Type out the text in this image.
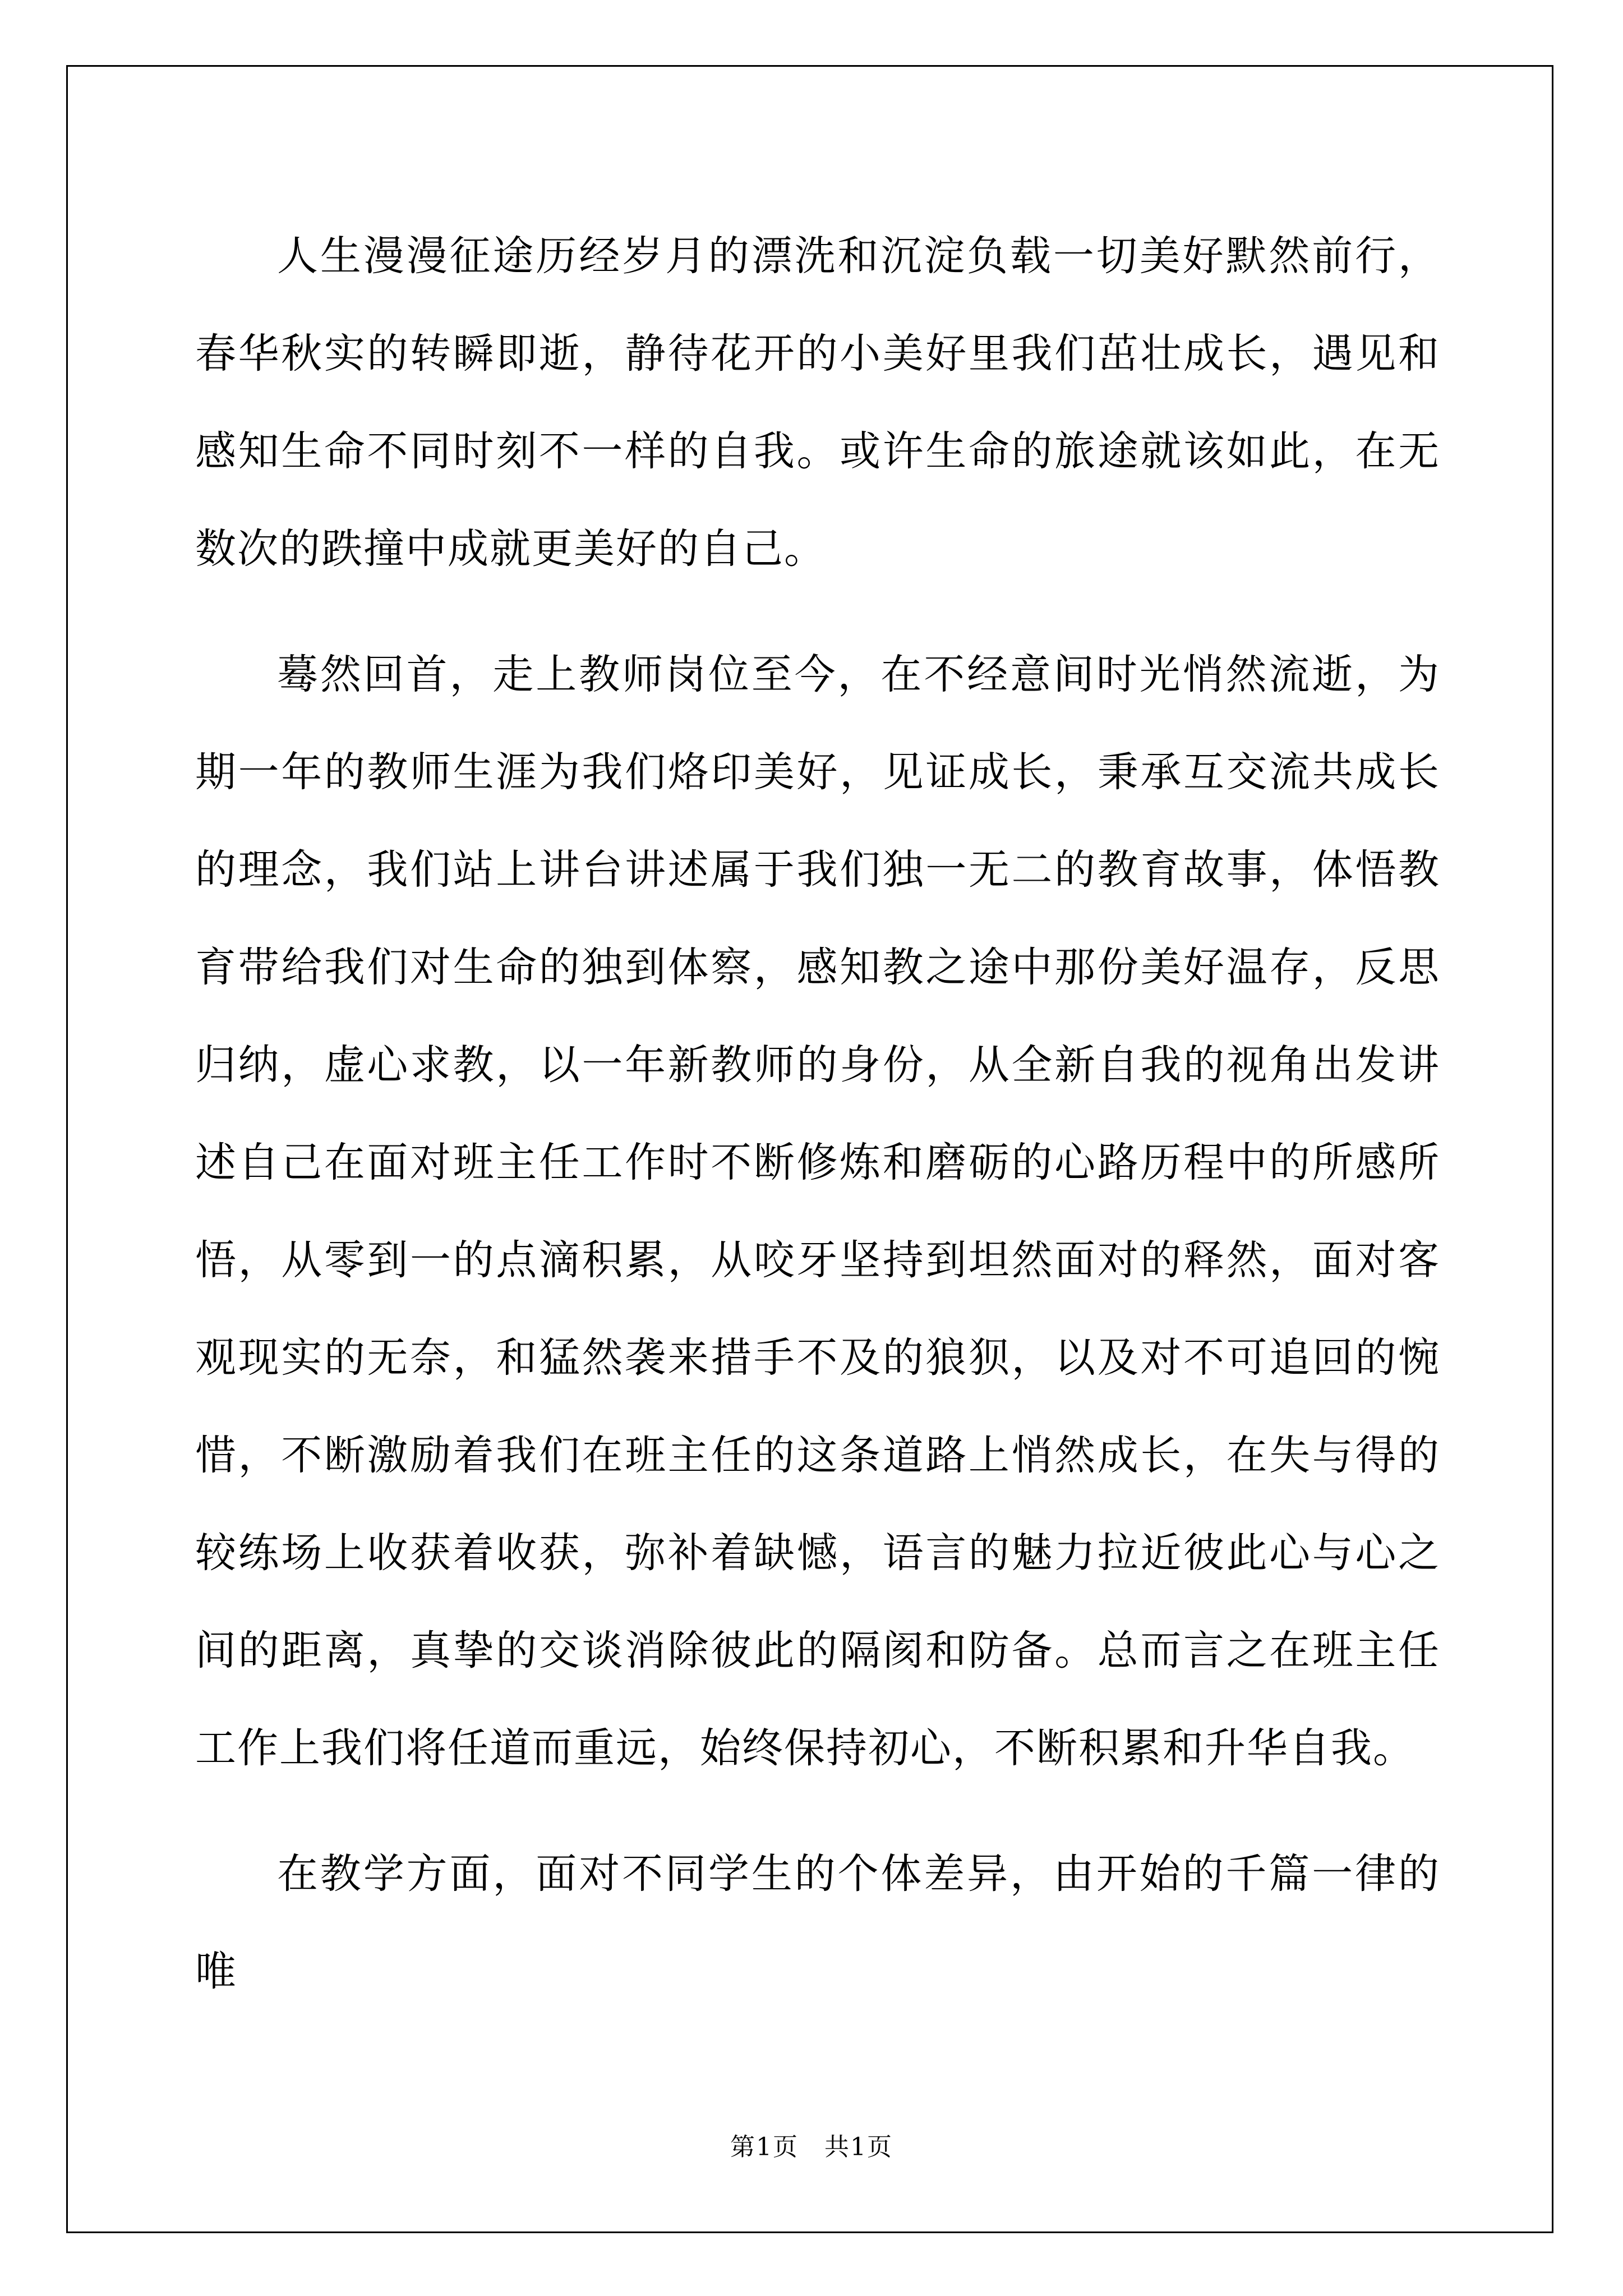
人生漫漫征途历经岁月的漂洗和沉淀负载一切美好默然前行，春华秋实的转瞬即逝，静待花开的小美好里我们茁壮成长，遇见和感知生命不同时刻不一样的自我。或许生命的旅途就该如此，在无数次的跌撞中成就更美好的自己。

蓦然回首，走上教师岗位至今，在不经意间时光悄然流逝，为期一年的教师生涯为我们烙印美好，见证成长，秉承互交流共成长的理念，我们站上讲台讲述属于我们独一无二的教育故事，体悟教育带给我们对生命的独到体察，感知教之途中那份美好温存，反思归纳，虚心求教，以一年新教师的身份，从全新自我的视角出发讲述自己在面对班主任工作时不断修炼和磨砺的心路历程中的所感所悟，从零到一的点滴积累，从咬牙坚持到坦然面对的释然，面对客观现实的无奈，和猛然袭来措手不及的狼狈，以及对不可追回的惋惜，不断激励着我们在班主任的这条道路上悄然成长，在失与得的较练场上收获着收获，弥补着缺憾，语言的魅力拉近彼此心与心之间的距离，真挚的交谈消除彼此的隔阂和防备。总而言之在班主任工作上我们将任道而重远，始终保持初心，不断积累和升华自我。

在教学方面，面对不同学生的个体差异，由开始的千篇一律的唯

第1页　共1页
